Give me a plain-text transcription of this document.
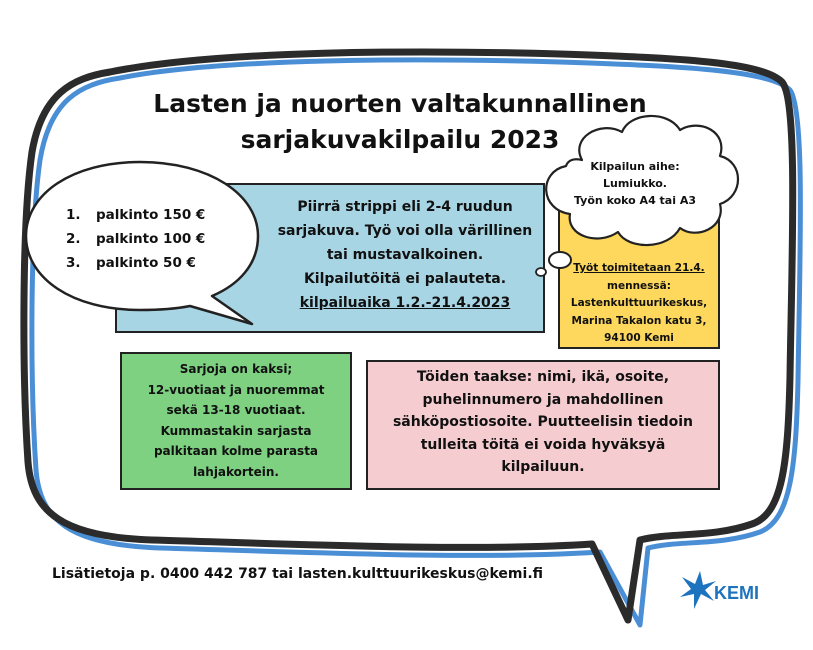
Lasten ja nuorten valtakunnallinen
sarjakuvakilpailu 2023
1. palkinto 150 €
2. palkinto 100 €
3. palkinto 50 €
Piirrä strippi eli 2-4 ruudun
sarjakuva. Työ voi olla värillinen
tai mustavalkoinen.
Kilpailutöitä ei palauteta.
kilpailuaika 1.2.-21.4.2023
Työt toimitetaan 21.4.
mennessä:
Lastenkulttuurikeskus,
Marina Takalon katu 3,
94100 Kemi
Kilpailun aihe:
Lumiukko.
Työn koko A4 tai A3
Sarjoja on kaksi;
12-vuotiaat ja nuoremmat
sekä 13-18 vuotiaat.
Kummastakin sarjasta
palkitaan kolme parasta
lahjakortein.
Töiden taakse: nimi, ikä, osoite,
puhelinnumero ja mahdollinen
sähköpostiosoite. Puutteelisin tiedoin
tulleita töitä ei voida hyväksyä
kilpailuun.
Lisätietoja p. 0400 442 787 tai lasten.kulttuurikeskus@kemi.fi
KEMI
